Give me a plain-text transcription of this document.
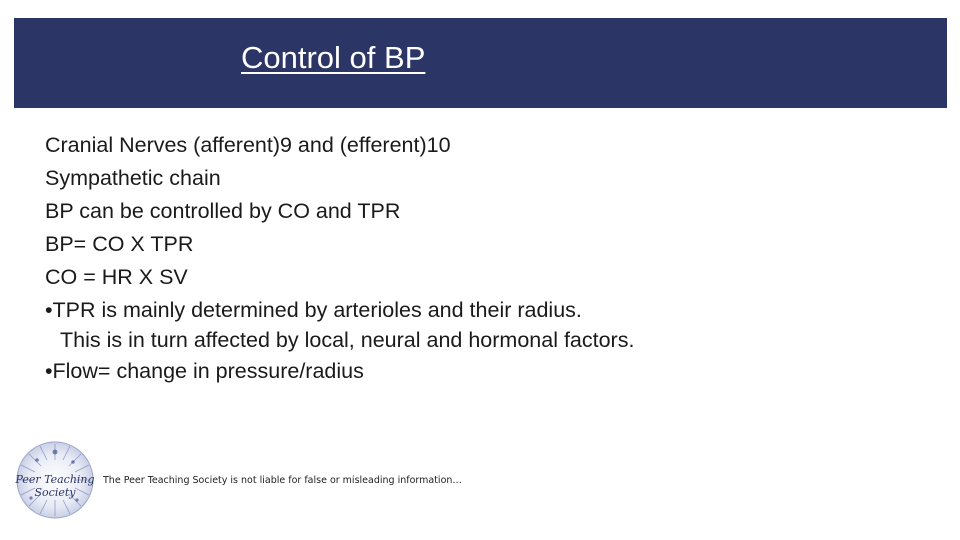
Control of BP

Cranial Nerves (afferent)9 and (efferent)10

Sympathetic chain

BP can be controlled by CO and TPR

BP= CO X TPR

CO = HR X SV

•TPR is mainly determined by arterioles and their radius.
This is in turn affected by local, neural and hormonal factors.
•Flow= change in pressure/radius
Peer Teaching
Society
The Peer Teaching Society is not liable for false or misleading information…
